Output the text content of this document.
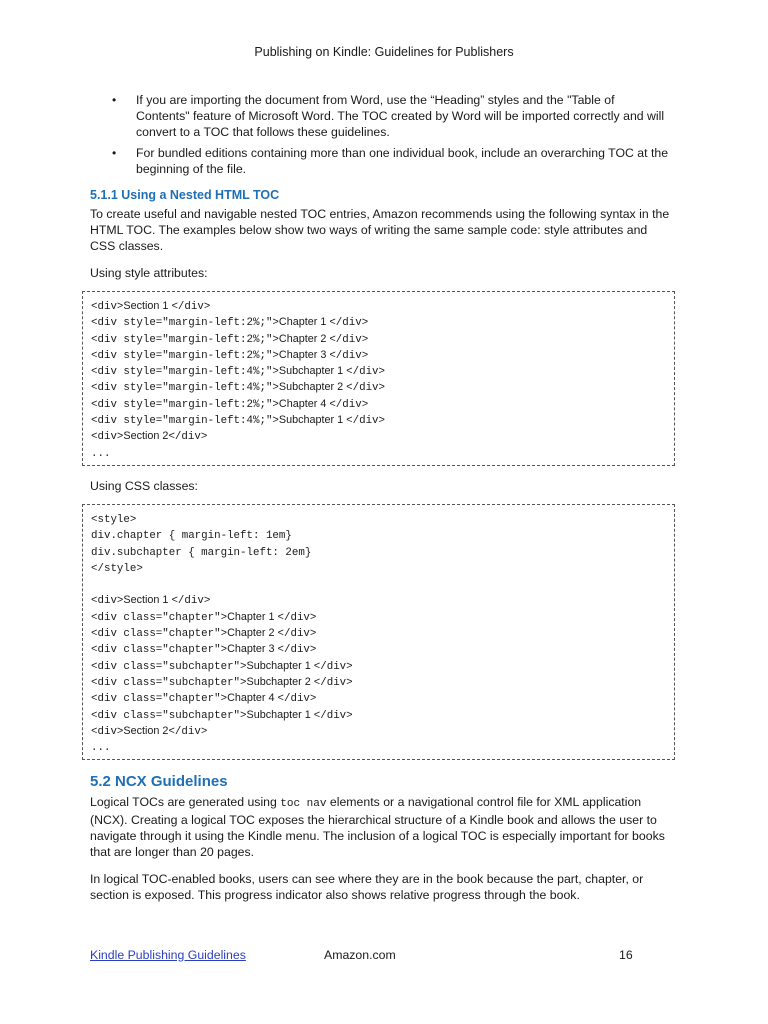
Publishing on Kindle: Guidelines for Publishers
• If you are importing the document from Word, use the “Heading” styles and the "Table of Contents" feature of Microsoft Word. The TOC created by Word will be imported correctly and will convert to a TOC that follows these guidelines.
• For bundled editions containing more than one individual book, include an overarching TOC at the beginning of the file.
5.1.1 Using a Nested HTML TOC

To create useful and navigable nested TOC entries, Amazon recommends using the following syntax in the HTML TOC. The examples below show two ways of writing the same sample code: style attributes and CSS classes.

Using style attributes:

<div>Section 1 </div>
<div style="margin-left:2%;">Chapter 1 </div>
<div style="margin-left:2%;">Chapter 2 </div>
<div style="margin-left:2%;">Chapter 3 </div>
<div style="margin-left:4%;">Subchapter 1 </div>
<div style="margin-left:4%;">Subchapter 2 </div>
<div style="margin-left:2%;">Chapter 4 </div>
<div style="margin-left:4%;">Subchapter 1 </div>
<div>Section 2</div>
...

Using CSS classes:

<style>
div.chapter { margin-left: 1em}
div.subchapter { margin-left: 2em}
</style>
<div>Section 1 </div>
<div class="chapter">Chapter 1 </div>
<div class="chapter">Chapter 2 </div>
<div class="chapter">Chapter 3 </div>
<div class="subchapter">Subchapter 1 </div>
<div class="subchapter">Subchapter 2 </div>
<div class="chapter">Chapter 4 </div>
<div class="subchapter">Subchapter 1 </div>
<div>Section 2</div>
...
5.2 NCX Guidelines

Logical TOCs are generated using toc nav elements or a navigational control file for XML application (NCX). Creating a logical TOC exposes the hierarchical structure of a Kindle book and allows the user to navigate through it using the Kindle menu. The inclusion of a logical TOC is especially important for books that are longer than 20 pages.

In logical TOC-enabled books, users can see where they are in the book because the part, chapter, or section is exposed. This progress indicator also shows relative progress through the book.

Kindle Publishing Guidelines	Amazon.com	16
